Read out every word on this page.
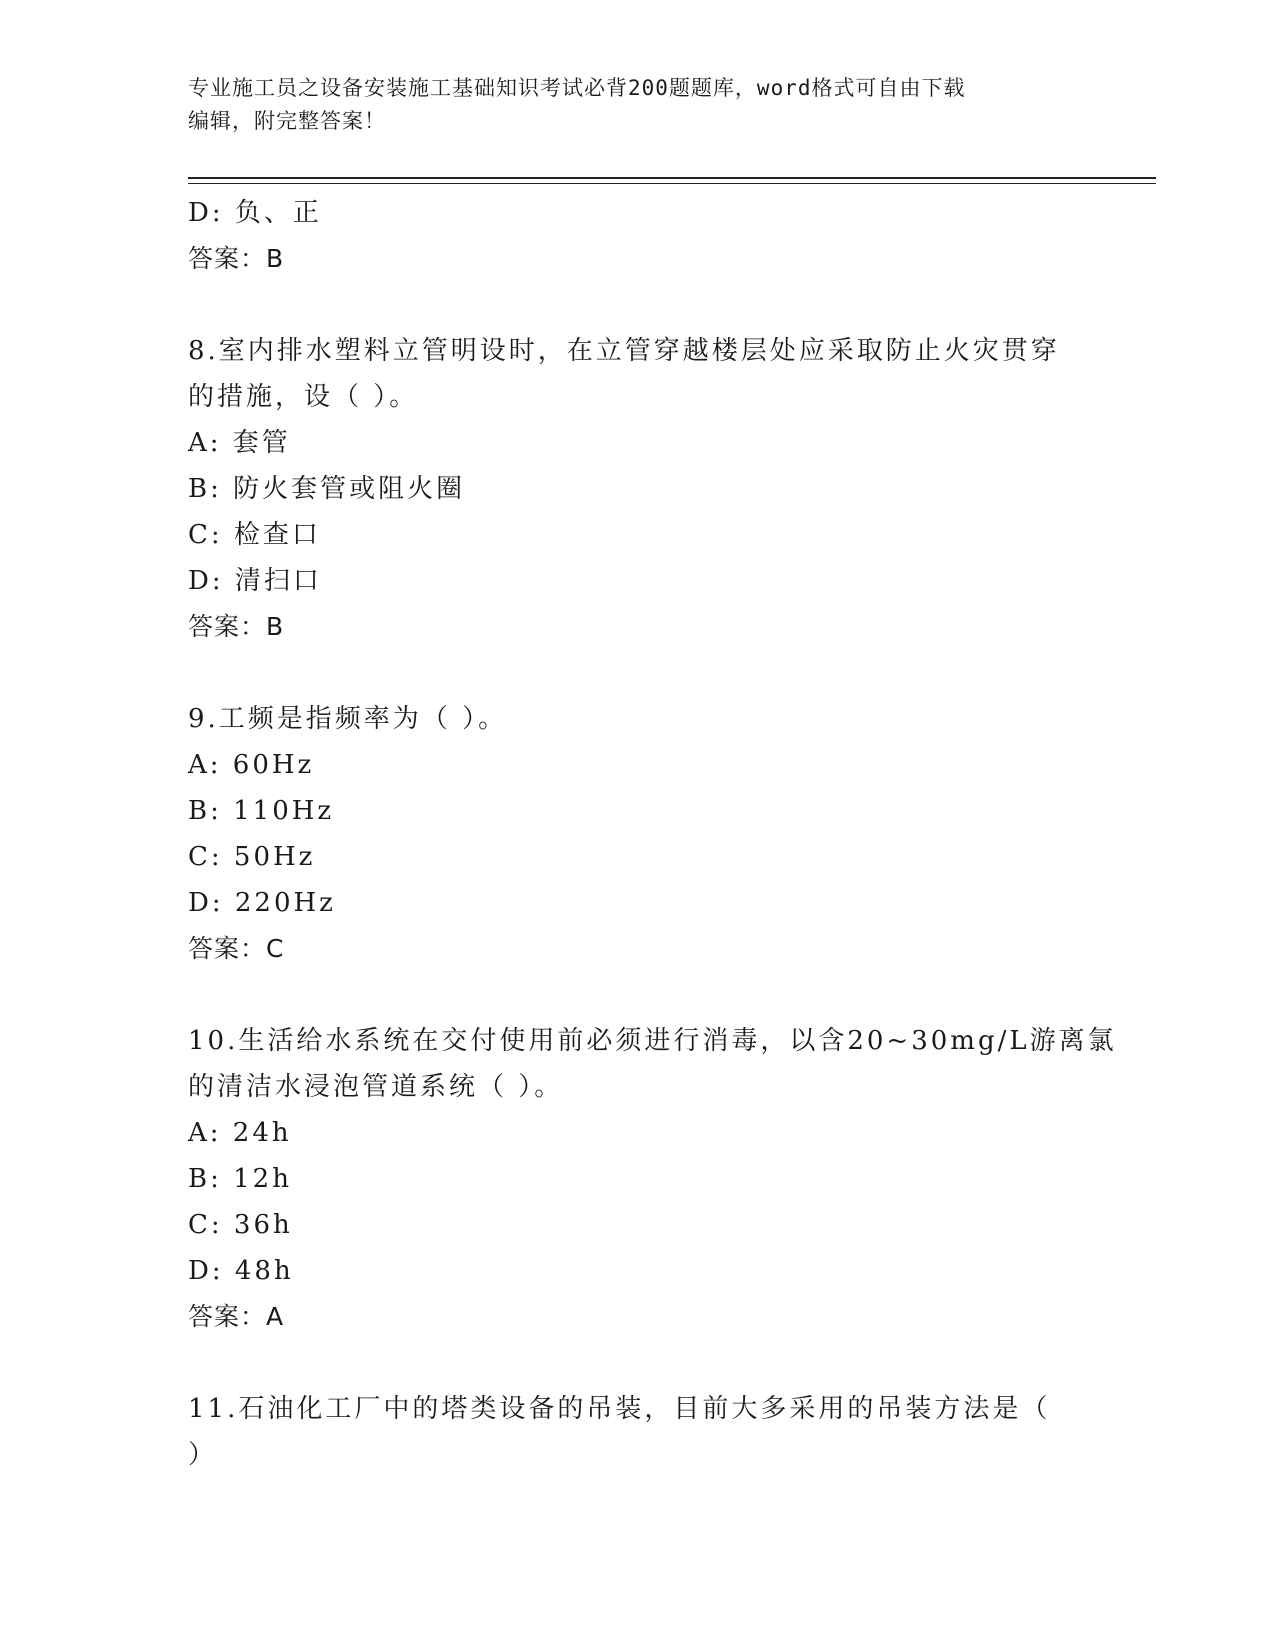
专业施工员之设备安装施工基础知识考试必背200题题库，word格式可自由下载
编辑，附完整答案！
D: 负、正
答案：B
8.室内排水塑料立管明设时，在立管穿越楼层处应采取防止火灾贯穿
的措施，设（ ）。
A: 套管
B: 防火套管或阻火圈
C: 检查口
D: 清扫口
答案：B
9.工频是指频率为（ ）。
A: 60Hz
B: 110Hz
C: 50Hz
D: 220Hz
答案：C
10.生活给水系统在交付使用前必须进行消毒，以含20~30mg/L游离氯
的清洁水浸泡管道系统（ ）。
A: 24h
B: 12h
C: 36h
D: 48h
答案：A
11.石油化工厂中的塔类设备的吊装，目前大多采用的吊装方法是（
）
